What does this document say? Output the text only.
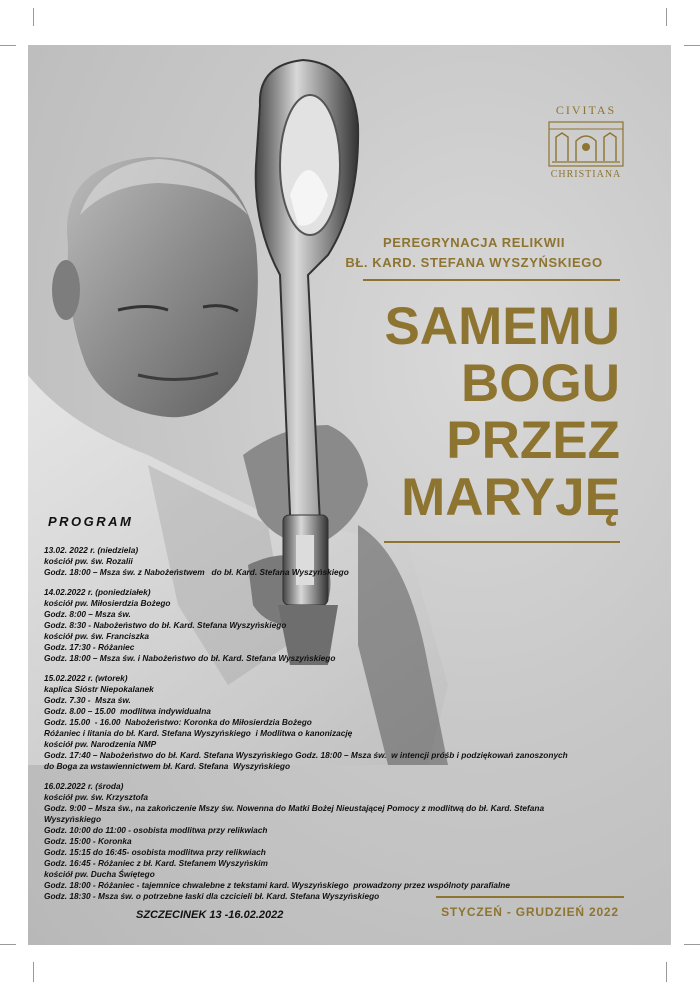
CIVITAS
CHRISTIANA
PEREGRYNACJA RELIKWII
BŁ. KARD. STEFANA WYSZYŃSKIEGO
SAMEMU
BOGU
PRZEZ
MARYJĘ
PROGRAM
13.02. 2022 r. (niedziela)
kościół pw. św. Rozalii
Godz. 18:00 – Msza św. z Nabożeństwem   do bł. Kard. Stefana Wyszyńskiego
14.02.2022 r. (poniedziałek)
kościół pw. Miłosierdzia Bożego
Godz. 8:00 – Msza św.
Godz. 8:30 - Nabożeństwo do bł. Kard. Stefana Wyszyńskiego
kościół pw. św. Franciszka
Godz. 17:30 - Różaniec
Godz. 18:00 – Msza św. i Nabożeństwo do bł. Kard. Stefana Wyszyńskiego
15.02.2022 r. (wtorek)
kaplica Sióstr Niepokalanek
Godz. 7.30 -  Msza św.
Godz. 8.00 – 15.00  modlitwa indywidualna
Godz. 15.00  - 16.00  Nabożeństwo: Koronka do Miłosierdzia Bożego
Różaniec i litania do bł. Kard. Stefana Wyszyńskiego  i Modlitwa o kanonizację
kościół pw. Narodzenia NMP
Godz. 17:40 – Nabożeństwo do bł. Kard. Stefana Wyszyńskiego Godz. 18:00 – Msza św.  w intencji próśb i podziękowań zanoszonych
do Boga za wstawiennictwem bł. Kard. Stefana  Wyszyńskiego
16.02.2022 r. (środa)
kościół pw. św. Krzysztofa
Godz. 9:00 – Msza św., na zakończenie Mszy św. Nowenna do Matki Bożej Nieustającej Pomocy z modlitwą do bł. Kard. Stefana
Wyszyńskiego
Godz. 10:00 do 11:00 - osobista modlitwa przy relikwiach
Godz. 15:00 - Koronka
Godz. 15:15 do 16:45- osobista modlitwa przy relikwiach
Godz. 16:45 - Różaniec z bł. Kard. Stefanem Wyszyńskim
kościół pw. Ducha Świętego
Godz. 18:00 - Różaniec - tajemnice chwalebne z tekstami kard. Wyszyńskiego  prowadzony przez wspólnoty parafialne
Godz. 18:30 - Msza św. o potrzebne łaski dla czcicieli bł. Kard. Stefana Wyszyńskiego
SZCZECINEK 13 -16.02.2022	STYCZEŃ - GRUDZIEŃ 2022
